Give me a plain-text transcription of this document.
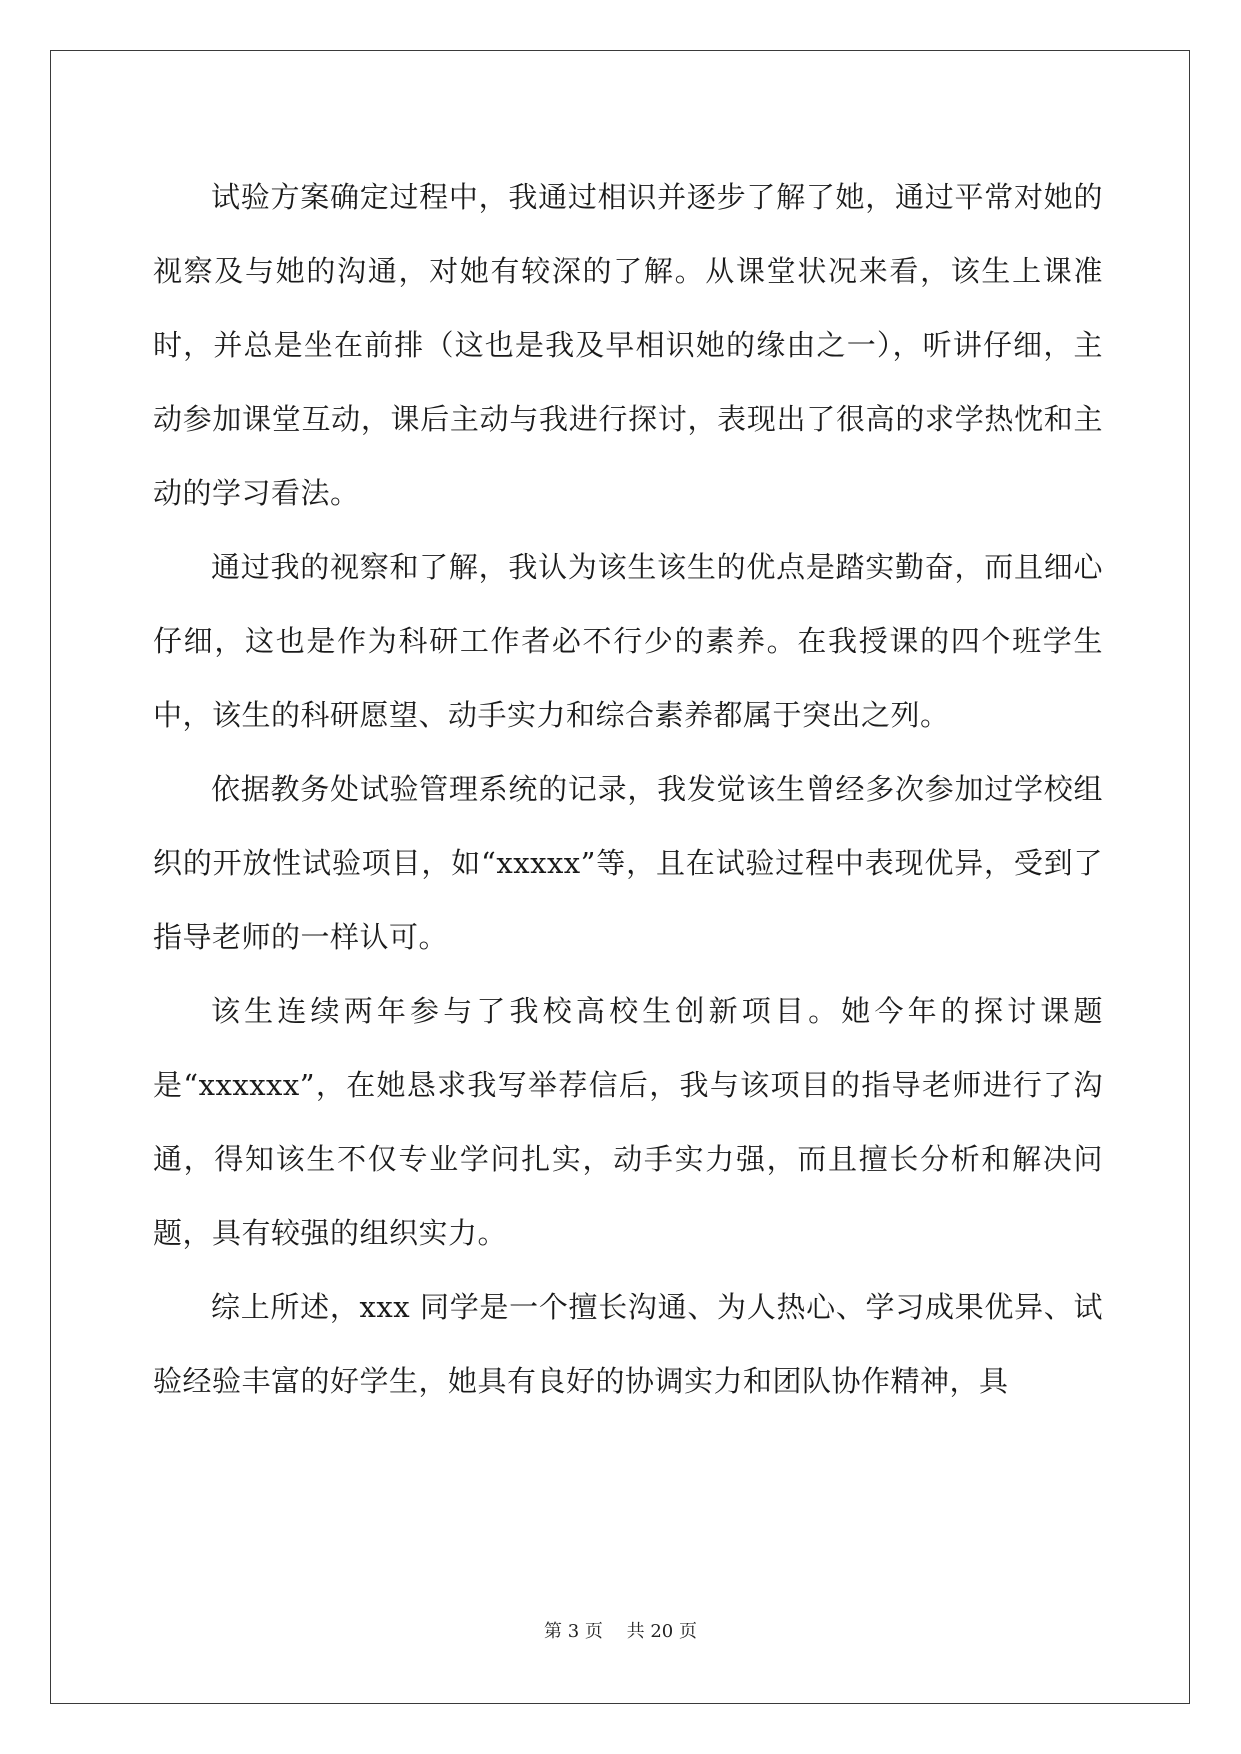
试验方案确定过程中，我通过相识并逐步了解了她，通过平常对她的视察及与她的沟通，对她有较深的了解。从课堂状况来看，该生上课准时，并总是坐在前排（这也是我及早相识她的缘由之一），听讲仔细，主动参加课堂互动，课后主动与我进行探讨，表现出了很高的求学热忱和主动的学习看法。

通过我的视察和了解，我认为该生该生的优点是踏实勤奋，而且细心仔细，这也是作为科研工作者必不行少的素养。在我授课的四个班学生中，该生的科研愿望、动手实力和综合素养都属于突出之列。

依据教务处试验管理系统的记录，我发觉该生曾经多次参加过学校组织的开放性试验项目，如“xxxxx”等，且在试验过程中表现优异，受到了指导老师的一样认可。

该生连续两年参与了我校高校生创新项目。她今年的探讨课题是“xxxxxx”，在她恳求我写举荐信后，我与该项目的指导老师进行了沟通，得知该生不仅专业学问扎实，动手实力强，而且擅长分析和解决问题，具有较强的组织实力。

综上所述，xxx 同学是一个擅长沟通、为人热心、学习成果优异、试验经验丰富的好学生，她具有良好的协调实力和团队协作精神，具

第 3 页　 共 20 页
